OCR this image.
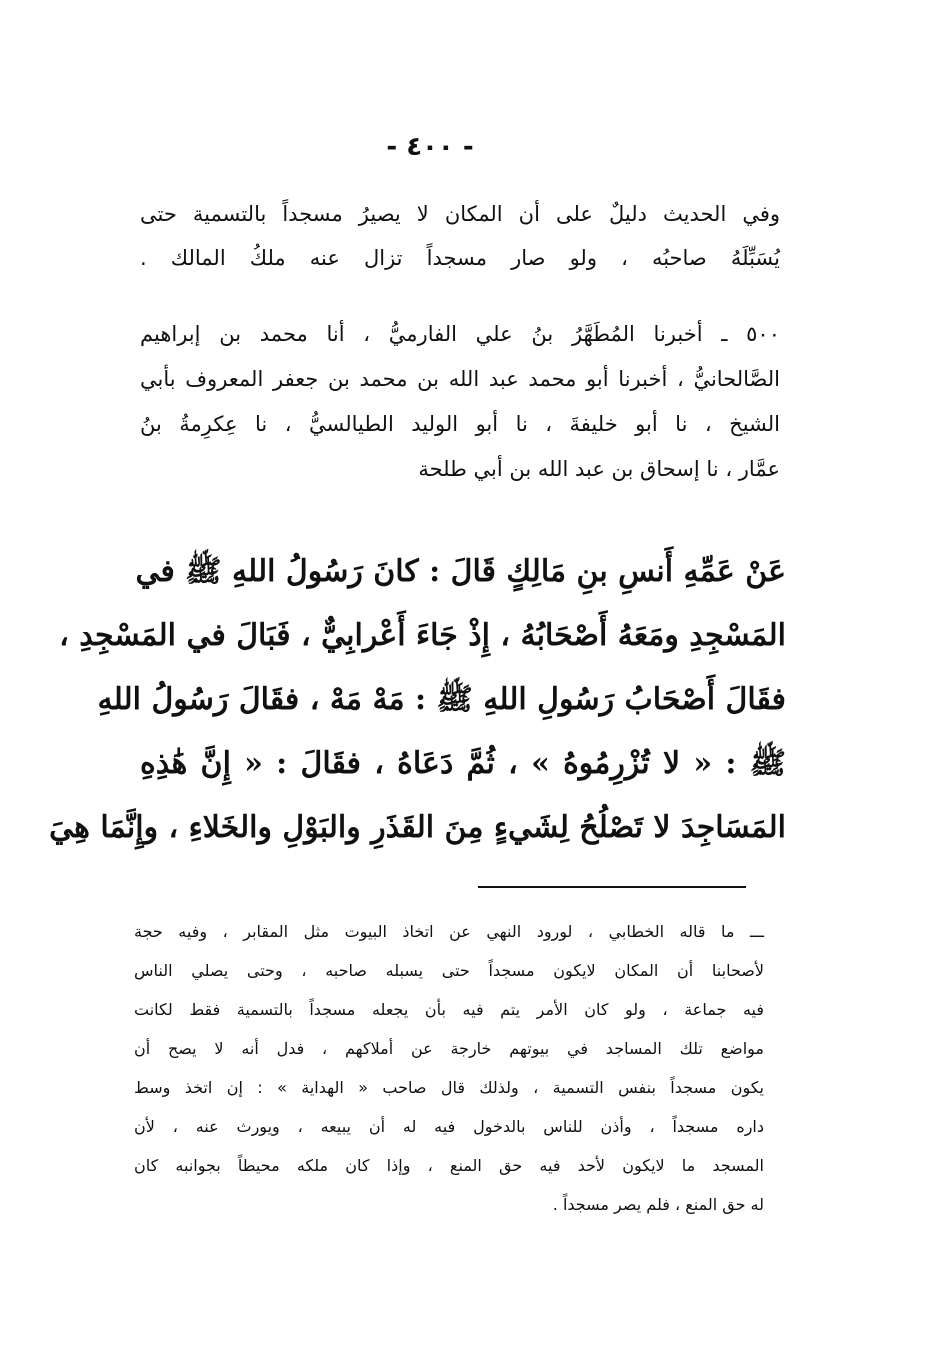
- ٤٠٠ -
وفي الحديث دليلٌ على أن المكان لا يصيرُ مسجداً بالتسمية حتى
يُسَبِّلَهُ صاحبُه ، ولو صار مسجداً تزال عنه ملكُ المالك .
٥٠٠ ـ أخبرنا المُطَهَّرُ بنُ علي الفارميُّ ، أنا محمد بن إبراهيم
الصَّالحانيُّ ، أخبرنا أبو محمد عبد الله بن محمد بن جعفر المعروف بأبي
الشيخ ، نا أبو خليفةَ ، نا أبو الوليد الطيالسيُّ ، نا عِكرِمةُ بنُ
عمَّار ، نا إسحاق بن عبد الله بن أبي طلحة
عَنْ عَمِّهِ أَنسِ بنِ مَالِكٍ قَالَ : كانَ رَسُولُ اللهِ ﷺ في
المَسْجِدِ ومَعَهُ أَصْحَابُهُ ، إِذْ جَاءَ أَعْرابِيٌّ ، فَبَالَ في المَسْجِدِ ،
فقَالَ أَصْحَابُ رَسُولِ اللهِ ﷺ : مَهْ مَهْ ، فقَالَ رَسُولُ اللهِ
ﷺ : « لا تُزْرِمُوهُ » ، ثُمَّ دَعَاهُ ، فقَالَ : « إِنَّ هَٰذِهِ
المَسَاجِدَ لا تَصْلُحُ لِشَيءٍ مِنَ القَذَرِ والبَوْلِ والخَلاءِ ، وإِنَّمَا هِيَ
ـــ ما قاله الخطابي ، لورود النهي عن اتخاذ البيوت مثل المقابر ، وفيه حجة
لأصحابنا أن المكان لايكون مسجداً حتى يسبله صاحبه ، وحتى يصلي الناس
فيه جماعة ، ولو كان الأمر يتم فيه بأن يجعله مسجداً بالتسمية فقط لكانت
مواضع تلك المساجد في بيوتهم خارجة عن أملاكهم ، فدل أنه لا يصح أن
يكون مسجداً بنفس التسمية ، ولذلك قال صاحب « الهداية » : إن اتخذ وسط
داره مسجداً ، وأذن للناس بالدخول فيه له أن يبيعه ، ويورث عنه ، لأن
المسجد ما لايكون لأحد فيه حق المنع ، وإذا كان ملكه محيطاً بجوانبه كان
له حق المنع ، فلم يصر مسجداً .
